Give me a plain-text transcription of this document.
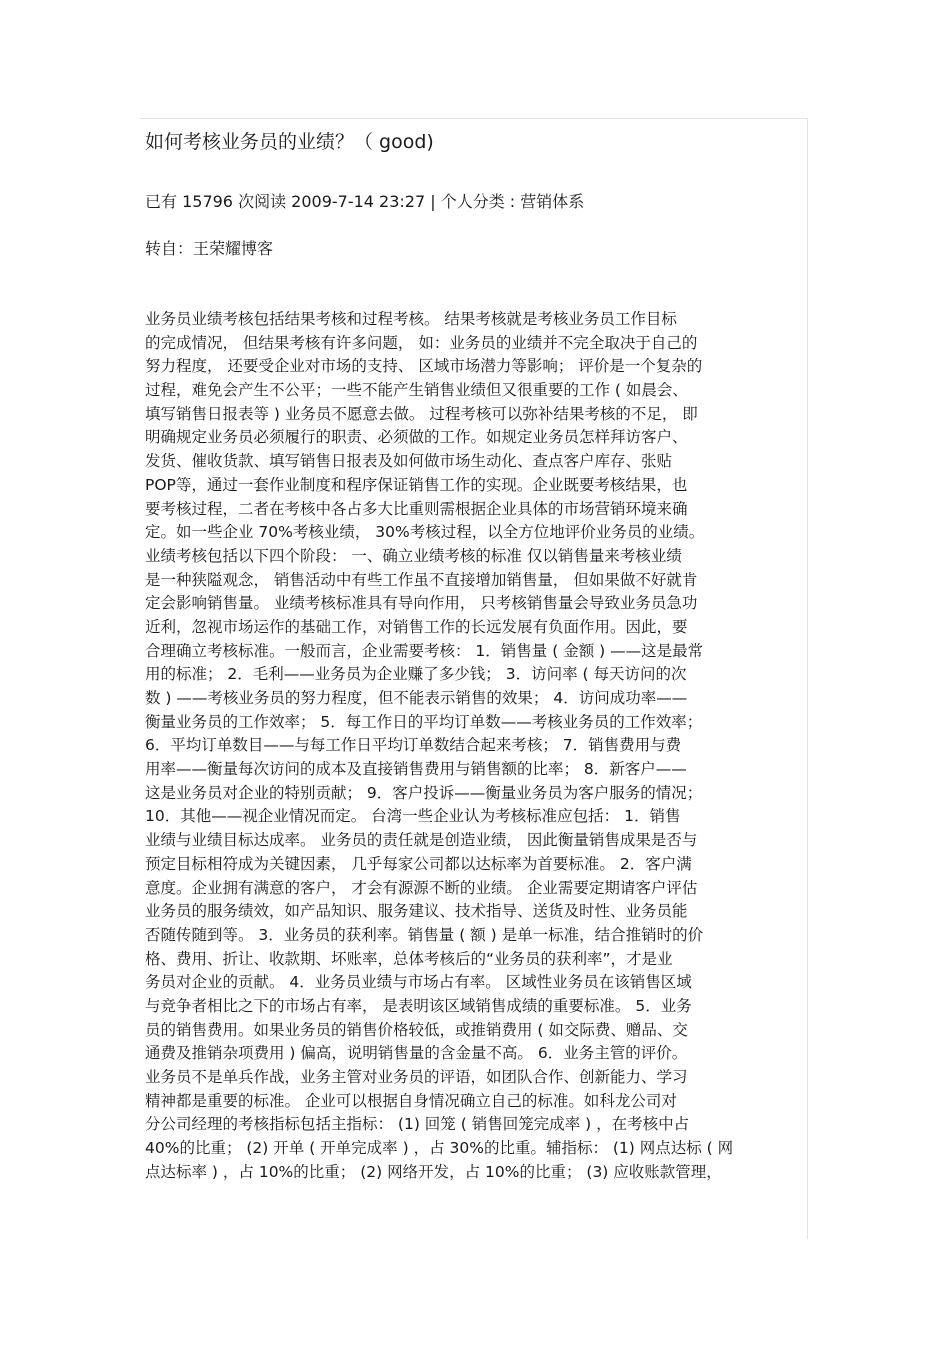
如何考核业务员的业绩？（ good)
已有 15796 次阅读 2009-7-14 23:27 | 个人分类 : 营销体系
转自：王荣耀博客
业务员业绩考核包括结果考核和过程考核。 结果考核就是考核业务员工作目标
的完成情况， 但结果考核有许多问题， 如：业务员的业绩并不完全取决于自己的
努力程度， 还要受企业对市场的支持、 区域市场潜力等影响； 评价是一个复杂的
过程，难免会产生不公平；一些不能产生销售业绩但又很重要的工作 ( 如晨会、
填写销售日报表等 ) 业务员不愿意去做。 过程考核可以弥补结果考核的不足， 即
明确规定业务员必须履行的职责、必须做的工作。如规定业务员怎样拜访客户、
发货、催收货款、填写销售日报表及如何做市场生动化、查点客户库存、张贴
POP等，通过一套作业制度和程序保证销售工作的实现。企业既要考核结果，也
要考核过程，二者在考核中各占多大比重则需根据企业具体的市场营销环境来确
定。如一些企业 70%考核业绩， 30%考核过程，以全方位地评价业务员的业绩。
业绩考核包括以下四个阶段： 一、确立业绩考核的标准 仅以销售量来考核业绩
是一种狭隘观念， 销售活动中有些工作虽不直接增加销售量， 但如果做不好就肯
定会影响销售量。 业绩考核标准具有导向作用， 只考核销售量会导致业务员急功
近利，忽视市场运作的基础工作，对销售工作的长远发展有负面作用。因此，要
合理确立考核标准。一般而言，企业需要考核： 1．销售量 ( 金额 ) ——这是最常
用的标准； 2．毛利——业务员为企业赚了多少钱； 3．访问率 ( 每天访问的次
数 ) ——考核业务员的努力程度，但不能表示销售的效果； 4．访问成功率——
衡量业务员的工作效率； 5．每工作日的平均订单数——考核业务员的工作效率；
6．平均订单数目——与每工作日平均订单数结合起来考核； 7．销售费用与费
用率——衡量每次访问的成本及直接销售费用与销售额的比率； 8．新客户——
这是业务员对企业的特别贡献； 9．客户投诉——衡量业务员为客户服务的情况；
10．其他——视企业情况而定。 台湾一些企业认为考核标准应包括： 1．销售
业绩与业绩目标达成率。 业务员的责任就是创造业绩， 因此衡量销售成果是否与
预定目标相符成为关键因素， 几乎每家公司都以达标率为首要标准。 2．客户满
意度。企业拥有满意的客户， 才会有源源不断的业绩。 企业需要定期请客户评估
业务员的服务绩效，如产品知识、服务建议、技术指导、送货及时性、业务员能
否随传随到等。 3．业务员的获利率。销售量 ( 额 ) 是单一标准，结合推销时的价
格、费用、折让、收款期、坏账率，总体考核后的“业务员的获利率”，才是业
务员对企业的贡献。 4．业务员业绩与市场占有率。 区域性业务员在该销售区域
与竞争者相比之下的市场占有率， 是表明该区域销售成绩的重要标准。 5．业务
员的销售费用。如果业务员的销售价格较低，或推销费用 ( 如交际费、赠品、交
通费及推销杂项费用 ) 偏高，说明销售量的含金量不高。 6．业务主管的评价。
业务员不是单兵作战，业务主管对业务员的评语，如团队合作、创新能力、学习
精神都是重要的标准。 企业可以根据自身情况确立自己的标准。如科龙公司对
分公司经理的考核指标包括主指标： (1) 回笼 ( 销售回笼完成率 ) ，在考核中占
40%的比重； (2) 开单 ( 开单完成率 ) ，占 30%的比重。辅指标： (1) 网点达标 ( 网
点达标率 ) ，占 10%的比重； (2) 网络开发，占 10%的比重； (3) 应收账款管理，
